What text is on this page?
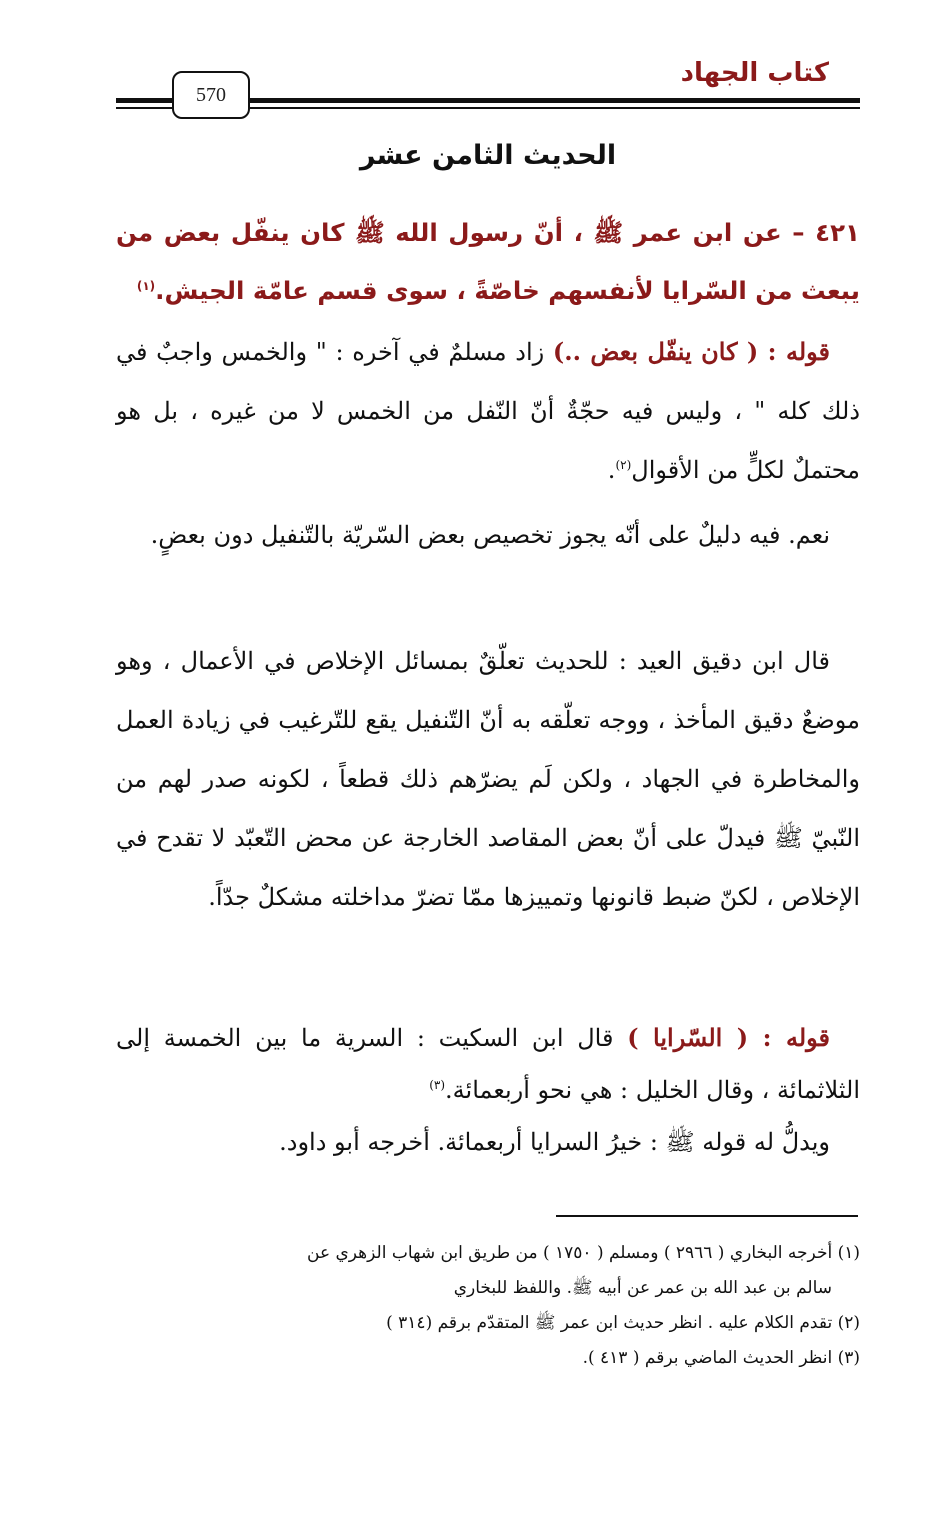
كتاب الجهاد
570
الحديث الثامن عشر
٤٢١ – عن ابن عمر ﷺ ، أنّ رسول الله ﷺ كان ينفّل بعض من يبعث من السّرايا لأنفسهم خاصّةً ، سوى قسم عامّة الجيش.$^{(١)}$

قوله : ( كان ينفّل بعض ..) زاد مسلمٌ في آخره : " والخمس واجبٌ في ذلك كله " ، وليس فيه حجّةٌ أنّ النّفل من الخمس لا من غيره ، بل هو محتملٌ لكلٍّ من الأقوال$^{(٢)}$.

نعم. فيه دليلٌ على أنّه يجوز تخصيص بعض السّريّة بالتّنفيل دون بعضٍ.

قال ابن دقيق العيد : للحديث تعلّقٌ بمسائل الإخلاص في الأعمال ، وهو موضعٌ دقيق المأخذ ، ووجه تعلّقه به أنّ التّنفيل يقع للتّرغيب في زيادة العمل والمخاطرة في الجهاد ، ولكن لَم يضرّهم ذلك قطعاً ، لكونه صدر لهم من النّبيّ ﷺ فيدلّ على أنّ بعض المقاصد الخارجة عن محض التّعبّد لا تقدح في الإخلاص ، لكنّ ضبط قانونها وتمييزها ممّا تضرّ مداخلته مشكلٌ جدّاً.

قوله : ( السّرايا ) قال ابن السكيت : السرية ما بين الخمسة إلى الثلاثمائة ، وقال الخليل : هي نحو أربعمائة.$^{(٣)}$

ويدلُّ له قوله ﷺ : خيرُ السرايا أربعمائة. أخرجه أبو داود.

(١) أخرجه البخاري ( ٢٩٦٦ ) ومسلم ( ١٧٥٠ ) من طريق ابن شهاب الزهري عن

سالم بن عبد الله بن عمر عن أبيه ﷺ. واللفظ للبخاري

(٢) تقدم الكلام عليه . انظر حديث ابن عمر ﷺ المتقدّم برقم (٣١٤ )

(٣) انظر الحديث الماضي برقم ( ٤١٣ ).
